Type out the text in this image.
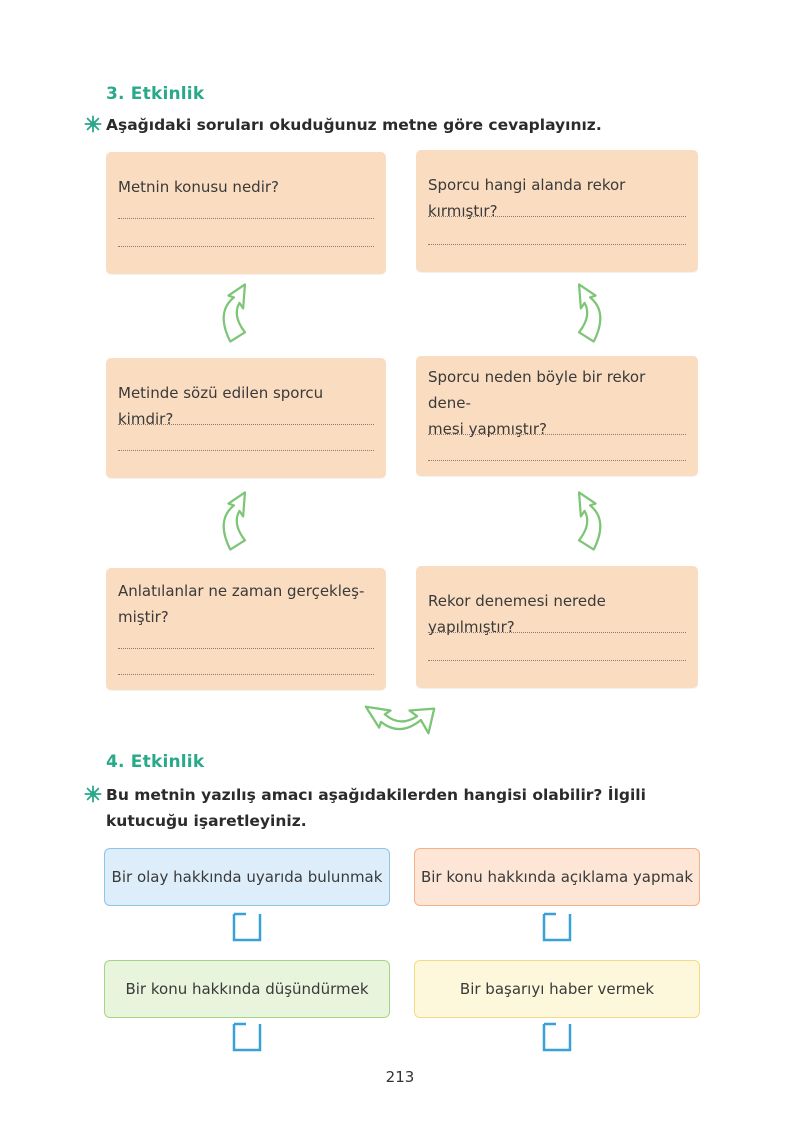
3. Etkinlik
Aşağıdaki soruları okuduğunuz metne göre cevaplayınız.
Metnin konusu nedir?	Sporcu hangi alanda rekor kırmıştır?
Metinde sözü edilen sporcu kimdir?
Sporcu neden böyle bir rekor dene-
mesi yapmıştır?
Anlatılanlar ne zaman gerçekleş-
miştir?
Rekor denemesi nerede yapılmıştır?
4. Etkinlik
Bu metnin yazılış amacı aşağıdakilerden hangisi olabilir? İlgili kutucuğu işaretleyiniz.
Bir olay hakkında uyarıda bulunmak	Bir konu hakkında açıklama yapmak
Bir konu hakkında düşündürmek	Bir başarıyı haber vermek
213
